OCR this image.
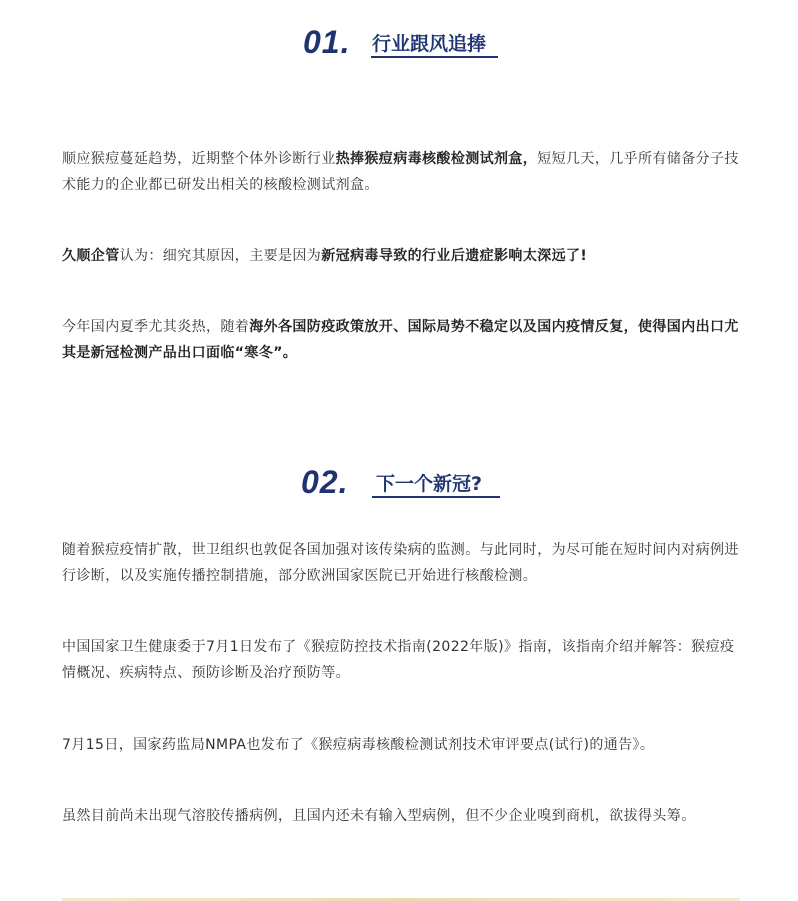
01. 行业跟风追捧
顺应猴痘蔓延趋势，近期整个体外诊断行业热捧猴痘病毒核酸检测试剂盒，短短几天，几乎所有储备分子技术能力的企业都已研发出相关的核酸检测试剂盒。
久顺企管认为：细究其原因，主要是因为新冠病毒导致的行业后遗症影响太深远了!
今年国内夏季尤其炎热，随着海外各国防疫政策放开、国际局势不稳定以及国内疫情反复，使得国内出口尤其是新冠检测产品出口面临“寒冬”。
02. 下一个新冠?
随着猴痘疫情扩散，世卫组织也敦促各国加强对该传染病的监测。与此同时，为尽可能在短时间内对病例进行诊断，以及实施传播控制措施，部分欧洲国家医院已开始进行核酸检测。
中国国家卫生健康委于7月1日发布了《猴痘防控技术指南(2022年版)》指南，该指南介绍并解答：猴痘疫情概况、疾病特点、预防诊断及治疗预防等。
7月15日，国家药监局NMPA也发布了《猴痘病毒核酸检测试剂技术审评要点(试行)的通告》。
虽然目前尚未出现气溶胶传播病例，且国内还未有输入型病例，但不少企业嗅到商机，欲拔得头筹。
